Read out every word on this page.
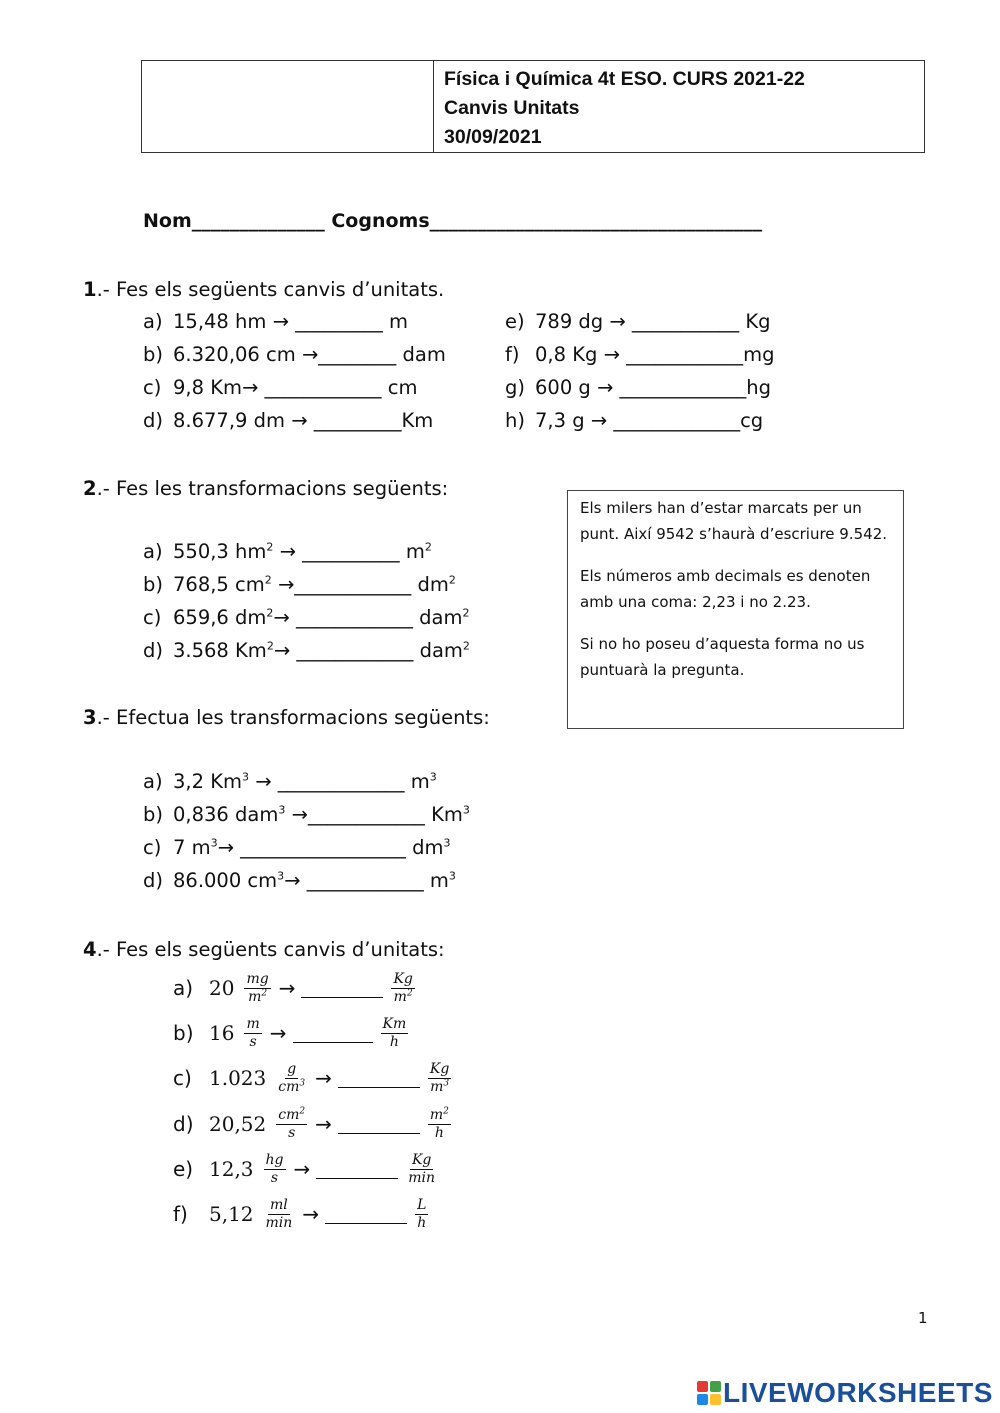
Física i Química 4t ESO. CURS 2021-22
Canvis Unitats
30/09/2021
Nom______________ Cognoms___________________________________
1.- Fes els següents canvis d’unitats.
a) 15,48 hm → _________ m
b) 6.320,06 cm →________ dam
c) 9,8 Km→ ____________ cm
d) 8.677,9 dm → _________Km
e) 789 dg → ___________ Kg
f) 0,8 Kg → ____________mg
g) 600 g → _____________hg
h) 7,3 g → _____________cg
2.- Fes les transformacions següents:
a) 550,3 $hm^2$ → __________ $m^2$
b) 768,5 $cm^2$ →____________ $dm^2$
c) 659,6 $dm^2\to$ ____________ dam$^2$
d) 3.568 $Km^2\to$ ____________ dam$^2$

Els milers han d’estar marcats per un punt. Així 9542 s’haurà d’escriure 9.542.

Els números amb decimals es denoten amb una coma: 2,23 i no 2.23.

Si no ho poseu d’aquesta forma no us puntuarà la pregunta.

3.- Efectua les transformacions següents:
a) 3,2 $Km^3$ → _____________ $m^3$
b) 0,836 dam$^3$ →____________ Km$^3$
c) 7 $m^3\to$ _________________ $dm^3$
d) 86.000 $cm^3\to$ ____________ $m^3$
4.- Fes els següents canvis d’unitats:
a) $20 \frac{mg}{m^2}$ →	$\frac{Kg}{m^2}$
b) $16 \frac{m}{s}$ →	$\frac{Km}{h}$
c) $1.023 \frac{g}{cm^3}$ →	$\frac{Kg}{m^3}$
d) $20,52 \frac{cm^2}{s}$ →	$\frac{m^2}{h}$
e) $12,3 \frac{hg}{s}$ →	$\frac{Kg}{\min}$
f)	$5,12 \frac{ml}{\min}$ →	$\frac{L}{h}$
1
LIVEWORKSHEETS
